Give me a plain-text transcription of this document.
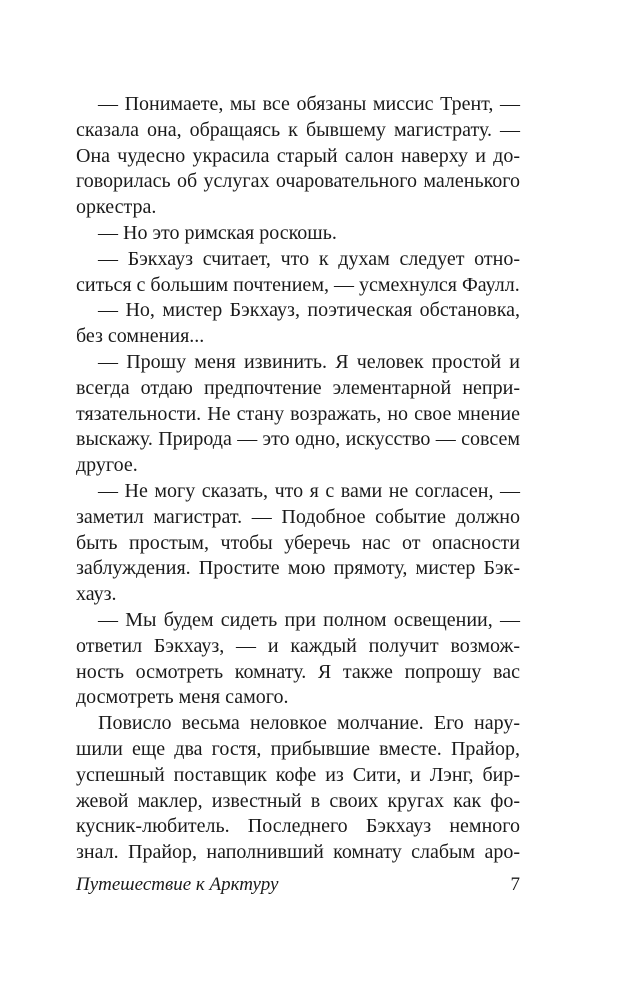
— Понимаете, мы все обязаны миссис Трент, —
сказала она, обращаясь к бывшему магистрату. —
Она чудесно украсила старый салон наверху и до-
говорилась об услугах очаровательного маленького
оркестра.
— Но это римская роскошь.
— Бэкхауз считает, что к духам следует отно-
ситься с большим почтением, — усмехнулся Фаулл.
— Но, мистер Бэкхауз, поэтическая обстановка,
без сомнения...
— Прошу меня извинить. Я человек простой и
всегда отдаю предпочтение элементарной непри-
тязательности. Не стану возражать, но свое мнение
выскажу. Природа — это одно, искусство — совсем
другое.
— Не могу сказать, что я с вами не согласен, —
заметил магистрат. — Подобное событие должно
быть простым, чтобы уберечь нас от опасности
заблуждения. Простите мою прямоту, мистер Бэк-
хауз.
— Мы будем сидеть при полном освещении, —
ответил Бэкхауз, — и каждый получит возмож-
ность осмотреть комнату. Я также попрошу вас
досмотреть меня самого.
Повисло весьма неловкое молчание. Его нару-
шили еще два гостя, прибывшие вместе. Прайор,
успешный поставщик кофе из Сити, и Лэнг, бир-
жевой маклер, известный в своих кругах как фо-
кусник-любитель. Последнего Бэкхауз немного
знал. Прайор, наполнивший комнату слабым аро-
Путешествие к Арктуру	7
